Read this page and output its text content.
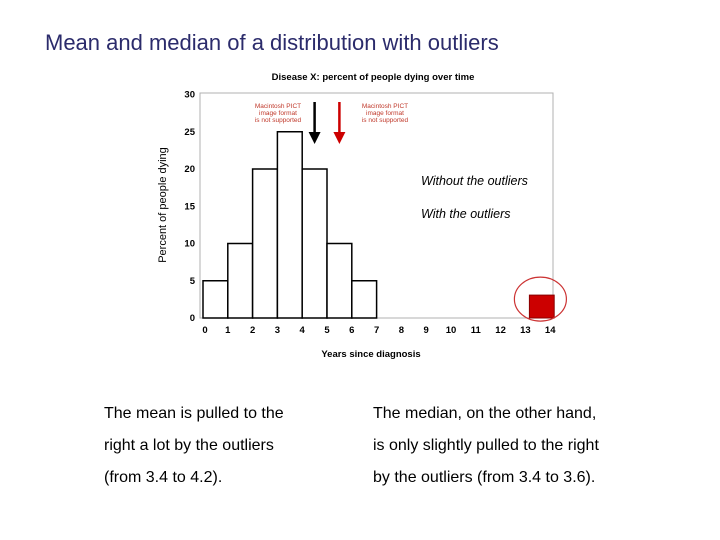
Mean and median of a distribution with outliers
Disease X: percent of people dying over time
Percent of people dying
Years since diagnosis
0
5
10
15
20
25
30
0 1 2 3 4 5 6 7 8 9 10 11 12 13 14
Macintosh PICT image format is not supported
Without the outliers
Macintosh PICT image format is not supported
With the outliers
The mean is pulled to the
right a lot by the outliers
(from 3.4 to 4.2).
The median, on the other hand,
is only slightly pulled to the right
by the outliers (from 3.4 to 3.6).
